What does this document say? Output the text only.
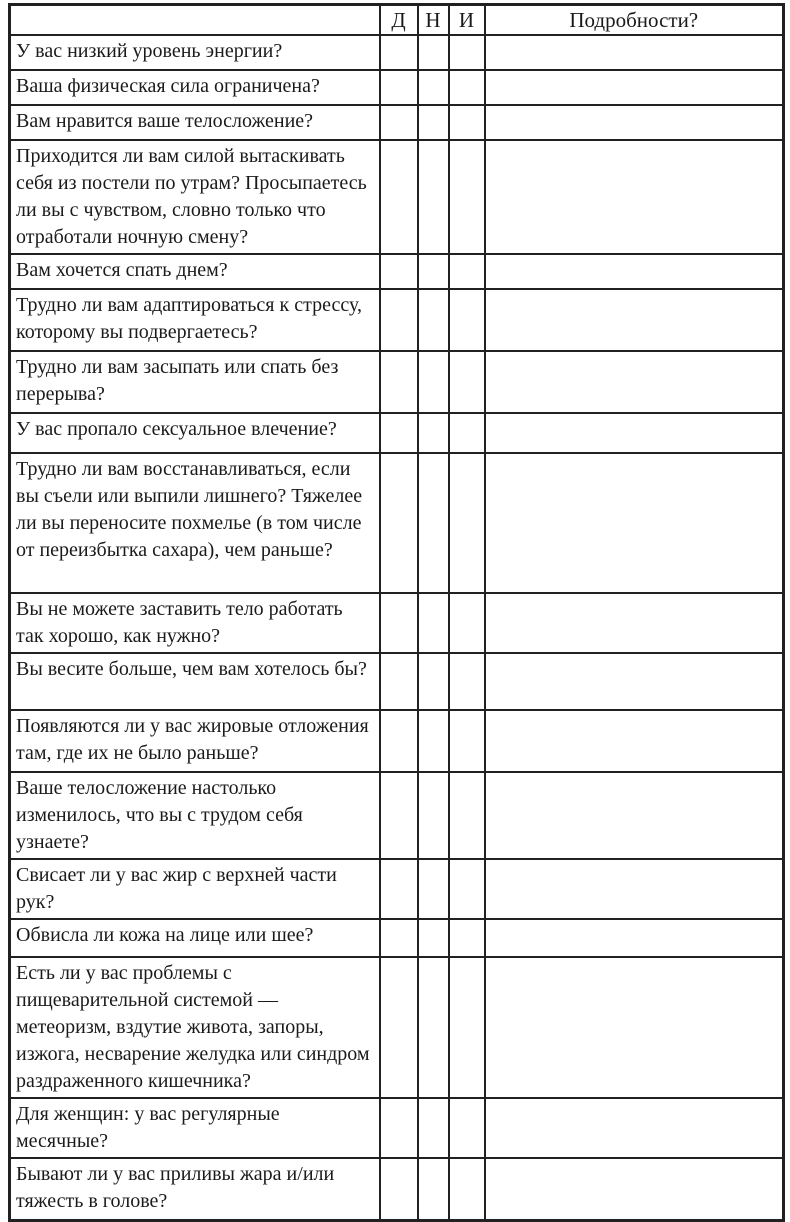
	Д	Н	И	Подробности?
У вас низкий уровень энергии?				
Ваша физическая сила ограничена?				
Вам нравится ваше телосложение?				
Приходится ли вам силой вытаскивать себя из постели по утрам? Просыпаетесь ли вы с чувством, словно только что отработали ночную смену?				
Вам хочется спать днем?				
Трудно ли вам адаптироваться к стрессу, которому вы подвергаетесь?				
Трудно ли вам засыпать или спать без перерыва?				
У вас пропало сексуальное влечение?				
Трудно ли вам восстанавливаться, если вы съели или выпили лишнего? Тяжелее ли вы переносите похмелье (в том числе от переизбытка сахара), чем раньше?				
Вы не можете заставить тело работать так хорошо, как нужно?				
Вы весите больше, чем вам хотелось бы?				
Появляются ли у вас жировые отложения там, где их не было раньше?				
Ваше телосложение настолько изменилось, что вы с трудом себя узнаете?				
Свисает ли у вас жир с верхней части рук?				
Обвисла ли кожа на лице или шее?				
Есть ли у вас проблемы с пищеварительной системой — метеоризм, вздутие живота, запоры, изжога, несварение желудка или синдром раздраженного кишечника?				
Для женщин: у вас регулярные месячные?				
Бывают ли у вас приливы жара и/или тяжесть в голове?				
